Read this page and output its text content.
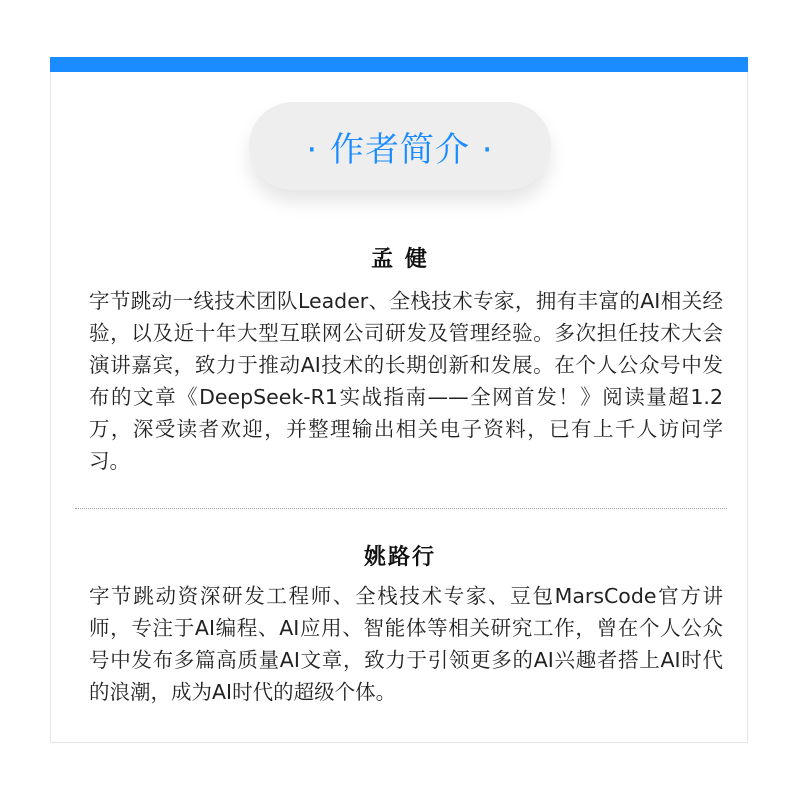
· 作者简介 ·
孟 健

字节跳动一线技术团队Leader、全栈技术专家，拥有丰富的AI相关经验，以及近十年大型互联网公司研发及管理经验。多次担任技术大会演讲嘉宾，致力于推动AI技术的长期创新和发展。在个人公众号中发布的文章《DeepSeek-R1实战指南——全网首发！》阅读量超1.2万，深受读者欢迎，并整理输出相关电子资料，已有上千人访问学习。

姚路行

字节跳动资深研发工程师、全栈技术专家、豆包MarsCode官方讲师，专注于AI编程、AI应用、智能体等相关研究工作，曾在个人公众号中发布多篇高质量AI文章，致力于引领更多的AI兴趣者搭上AI时代的浪潮，成为AI时代的超级个体。
